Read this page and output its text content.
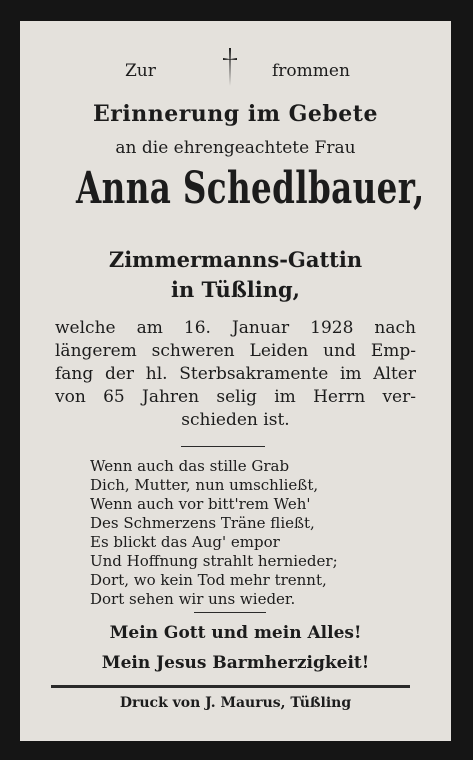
Zur	frommen
Erinnerung im Gebete
an die ehrengeachtete Frau
Anna Schedlbauer,
Zimmermanns-Gattin
in Tüßling,
welche am 16. Januar 1928 nach
längerem schweren Leiden und Emp-
fang der hl. Sterbsakramente im Alter
von 65 Jahren selig im Herrn ver-
schieden ist.
Wenn auch das stille Grab
Dich, Mutter, nun umschließt,
Wenn auch vor bitt'rem Weh'
Des Schmerzens Träne fließt,
Es blickt das Aug' empor
Und Hoffnung strahlt hernieder;
Dort, wo kein Tod mehr trennt,
Dort sehen wir uns wieder.
Mein Gott und mein Alles!
Mein Jesus Barmherzigkeit!
Druck von J. Maurus, Tüßling
